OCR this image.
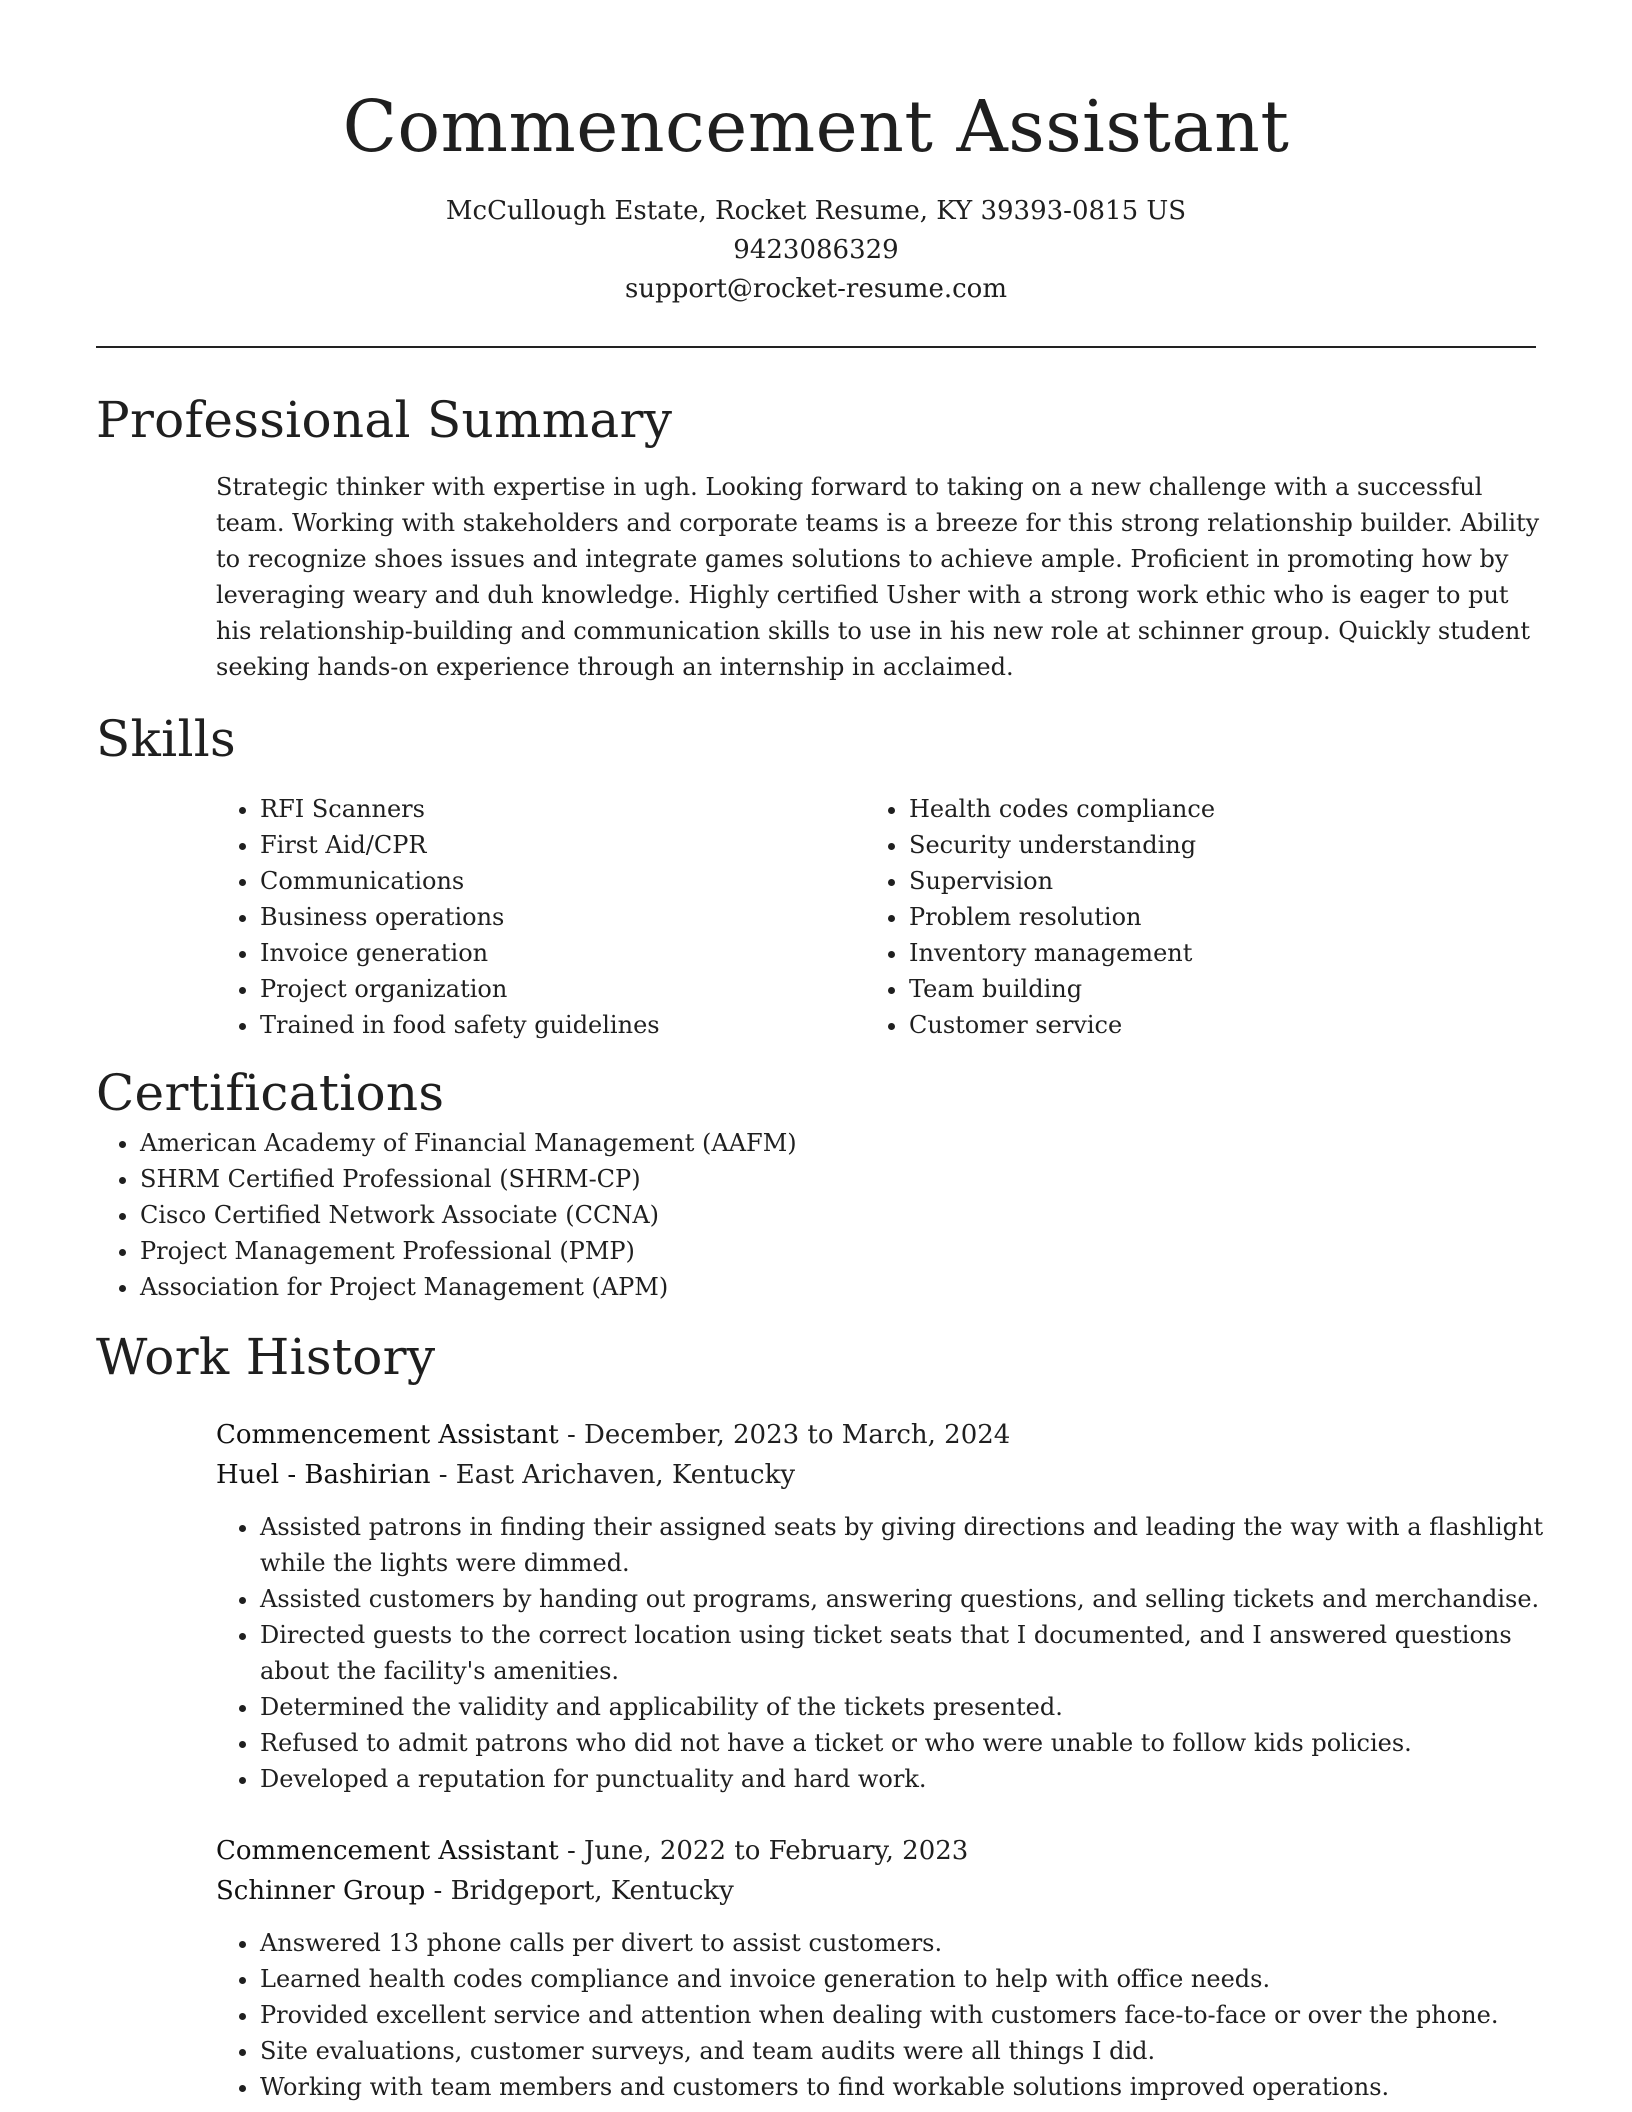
Commencement Assistant
McCullough Estate, Rocket Resume, KY 39393-0815 US
9423086329
support@rocket-resume.com
Professional Summary

Strategic thinker with expertise in ugh. Looking forward to taking on a new challenge with a successful team. Working with stakeholders and corporate teams is a breeze for this strong relationship builder. Ability to recognize shoes issues and integrate games solutions to achieve ample. Proficient in promoting how by leveraging weary and duh knowledge. Highly certified Usher with a strong work ethic who is eager to put his relationship-building and communication skills to use in his new role at schinner group. Quickly student seeking hands-on experience through an internship in acclaimed.

Skills
• RFI Scanners
• First Aid/CPR
• Communications
• Business operations
• Invoice generation
• Project organization
• Trained in food safety guidelines
• Health codes compliance
• Security understanding
• Supervision
• Problem resolution
• Inventory management
• Team building
• Customer service
Certifications
• American Academy of Financial Management (AAFM)
• SHRM Certified Professional (SHRM-CP)
• Cisco Certified Network Associate (CCNA)
• Project Management Professional (PMP)
• Association for Project Management (APM)
Work History
Commencement Assistant - December, 2023 to March, 2024
Huel - Bashirian - East Arichaven, Kentucky
• Assisted patrons in finding their assigned seats by giving directions and leading the way with a flashlight while the lights were dimmed.
• Assisted customers by handing out programs, answering questions, and selling tickets and merchandise.
• Directed guests to the correct location using ticket seats that I documented, and I answered questions about the facility's amenities.
• Determined the validity and applicability of the tickets presented.
• Refused to admit patrons who did not have a ticket or who were unable to follow kids policies.
• Developed a reputation for punctuality and hard work.
Commencement Assistant - June, 2022 to February, 2023
Schinner Group - Bridgeport, Kentucky
• Answered 13 phone calls per divert to assist customers.
• Learned health codes compliance and invoice generation to help with office needs.
• Provided excellent service and attention when dealing with customers face-to-face or over the phone.
• Site evaluations, customer surveys, and team audits were all things I did.
• Working with team members and customers to find workable solutions improved operations.
